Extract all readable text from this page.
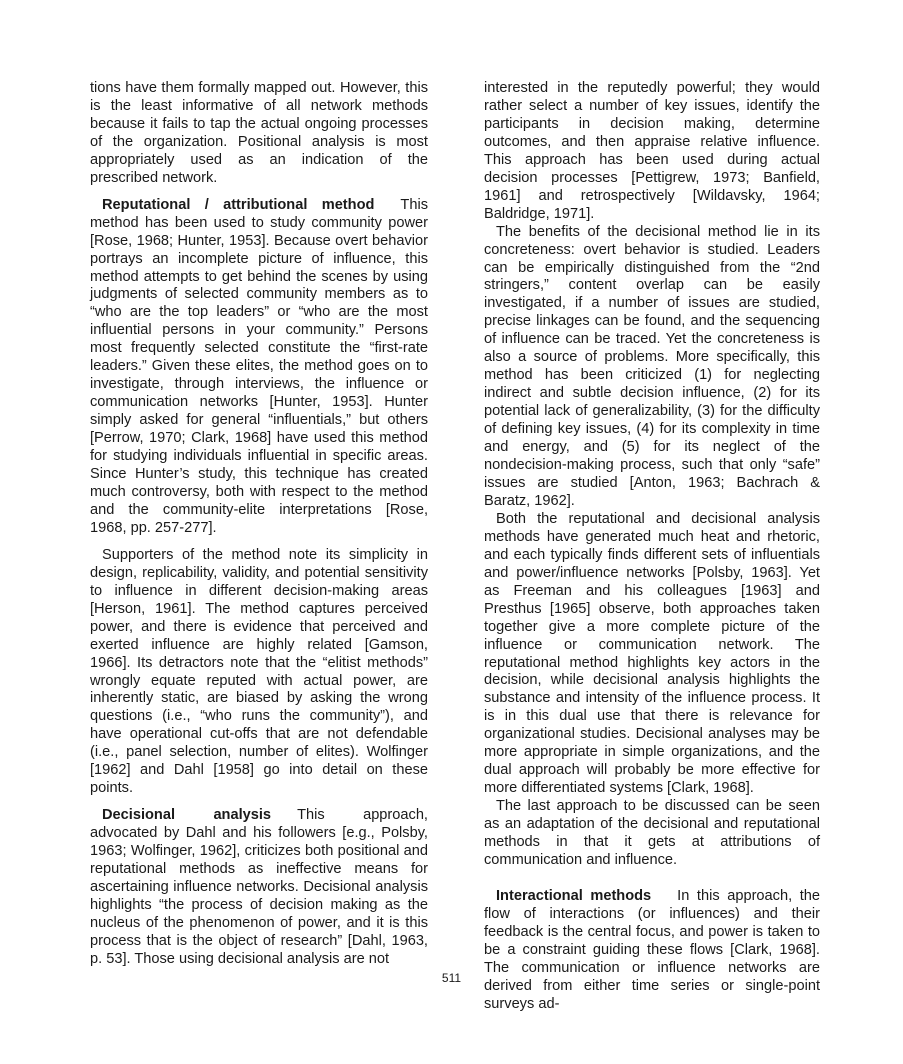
tions have them formally mapped out. However, this is the least informative of all network methods because it fails to tap the actual ongoing processes of the organization. Positional analysis is most appropriately used as an indication of the prescribed network.

Reputational / attributional method This method has been used to study community power [Rose, 1968; Hunter, 1953]. Because overt behavior portrays an incomplete picture of influence, this method attempts to get behind the scenes by using judgments of selected community members as to “who are the top leaders” or “who are the most influential persons in your community.” Persons most frequently selected constitute the “first-rate leaders.” Given these elites, the method goes on to investigate, through interviews, the influence or communication networks [Hunter, 1953]. Hunter simply asked for general “influentials,” but others [Perrow, 1970; Clark, 1968] have used this method for studying individuals influential in specific areas. Since Hunter’s study, this technique has created much controversy, both with respect to the method and the community-elite interpretations [Rose, 1968, pp. 257-277].

Supporters of the method note its simplicity in design, replicability, validity, and potential sensitivity to influence in different decision-making areas [Herson, 1961]. The method captures perceived power, and there is evidence that perceived and exerted influence are highly related [Gamson, 1966]. Its detractors note that the “elitist methods” wrongly equate reputed with actual power, are inherently static, are biased by asking the wrong questions (i.e., “who runs the community”), and have operational cut-offs that are not defendable (i.e., panel selection, number of elites). Wolfinger [1962] and Dahl [1958] go into detail on these points.

Decisional analysis This approach, advocated by Dahl and his followers [e.g., Polsby, 1963; Wolfinger, 1962], criticizes both positional and reputational methods as ineffective means for ascertaining influence networks. Decisional analysis highlights “the process of decision making as the nucleus of the phenomenon of power, and it is this process that is the object of research” [Dahl, 1963, p. 53]. Those using decisional analysis are not

interested in the reputedly powerful; they would rather select a number of key issues, identify the participants in decision making, determine outcomes, and then appraise relative influence. This approach has been used during actual decision processes [Pettigrew, 1973; Banfield, 1961] and retrospectively [Wildavsky, 1964; Baldridge, 1971].

The benefits of the decisional method lie in its concreteness: overt behavior is studied. Leaders can be empirically distinguished from the “2nd stringers,” content overlap can be easily investigated, if a number of issues are studied, precise linkages can be found, and the sequencing of influence can be traced. Yet the concreteness is also a source of problems. More specifically, this method has been criticized (1) for neglecting indirect and subtle decision influence, (2) for its potential lack of generalizability, (3) for the difficulty of defining key issues, (4) for its complexity in time and energy, and (5) for its neglect of the nondecision-making process, such that only “safe” issues are studied [Anton, 1963; Bachrach & Baratz, 1962].

Both the reputational and decisional analysis methods have generated much heat and rhetoric, and each typically finds different sets of influentials and power/influence networks [Polsby, 1963]. Yet as Freeman and his colleagues [1963] and Presthus [1965] observe, both approaches taken together give a more complete picture of the influence or communication network. The reputational method highlights key actors in the decision, while decisional analysis highlights the substance and intensity of the influence process. It is in this dual use that there is relevance for organizational studies. Decisional analyses may be more appropriate in simple organizations, and the dual approach will probably be more effective for more differentiated systems [Clark, 1968].

The last approach to be discussed can be seen as an adaptation of the decisional and reputational methods in that it gets at attributions of communication and influence.

Interactional methods In this approach, the flow of interactions (or influences) and their feedback is the central focus, and power is taken to be a constraint guiding these flows [Clark, 1968]. The communication or influence networks are derived from either time series or single-point surveys ad-

511
